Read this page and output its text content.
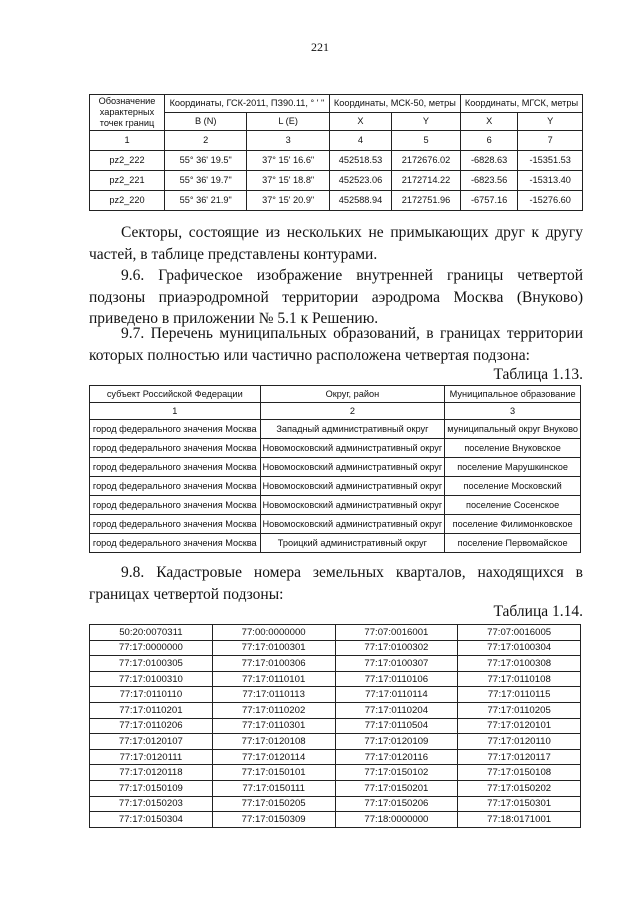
221
Обозначение характерных точек границ	Координаты, ГСК-2011, ПЗ90.11, ° ' "		Координаты, МСК-50, метры		Координаты, МГСК, метры	
	B (N)	L (E)	X	Y	X	Y
1	2	3	4	5	6	7
pz2_222	55° 36' 19.5"	37° 15' 16.6"	452518.53	2172676.02	-6828.63	-15351.53
pz2_221	55° 36' 19.7"	37° 15' 18.8"	452523.06	2172714.22	-6823.56	-15313.40
pz2_220	55° 36' 21.9"	37° 15' 20.9"	452588.94	2172751.96	-6757.16	-15276.60

Секторы, состоящие из нескольких не примыкающих друг к другу частей, в таблице представлены контурами.

9.6. Графическое изображение внутренней границы четвертой подзоны приаэродромной территории аэродрома Москва (Внуково) приведено в приложении № 5.1 к Решению.

9.7. Перечень муниципальных образований, в границах территории которых полностью или частично расположена четвертая подзона:

Таблица 1.13.
субъект Российской Федерации	Округ, район	Муниципальное образование
1	2	3
город федерального значения Москва	Западный административный округ	муниципальный округ Внуково
город федерального значения Москва	Новомосковский административный округ	поселение Внуковское
город федерального значения Москва	Новомосковский административный округ	поселение Марушкинское
город федерального значения Москва	Новомосковский административный округ	поселение Московский
город федерального значения Москва	Новомосковский административный округ	поселение Сосенское
город федерального значения Москва	Новомосковский административный округ	поселение Филимонковское
город федерального значения Москва	Троицкий административный округ	поселение Первомайское

9.8. Кадастровые номера земельных кварталов, находящихся в границах четвертой подзоны:

Таблица 1.14.
50:20:0070311	77:00:0000000	77:07:0016001	77:07:0016005
77:17:0000000	77:17:0100301	77:17:0100302	77:17:0100304
77:17:0100305	77:17:0100306	77:17:0100307	77:17:0100308
77:17:0100310	77:17:0110101	77:17:0110106	77:17:0110108
77:17:0110110	77:17:0110113	77:17:0110114	77:17:0110115
77:17:0110201	77:17:0110202	77:17:0110204	77:17:0110205
77:17:0110206	77:17:0110301	77:17:0110504	77:17:0120101
77:17:0120107	77:17:0120108	77:17:0120109	77:17:0120110
77:17:0120111	77:17:0120114	77:17:0120116	77:17:0120117
77:17:0120118	77:17:0150101	77:17:0150102	77:17:0150108
77:17:0150109	77:17:0150111	77:17:0150201	77:17:0150202
77:17:0150203	77:17:0150205	77:17:0150206	77:17:0150301
77:17:0150304	77:17:0150309	77:18:0000000	77:18:0171001
